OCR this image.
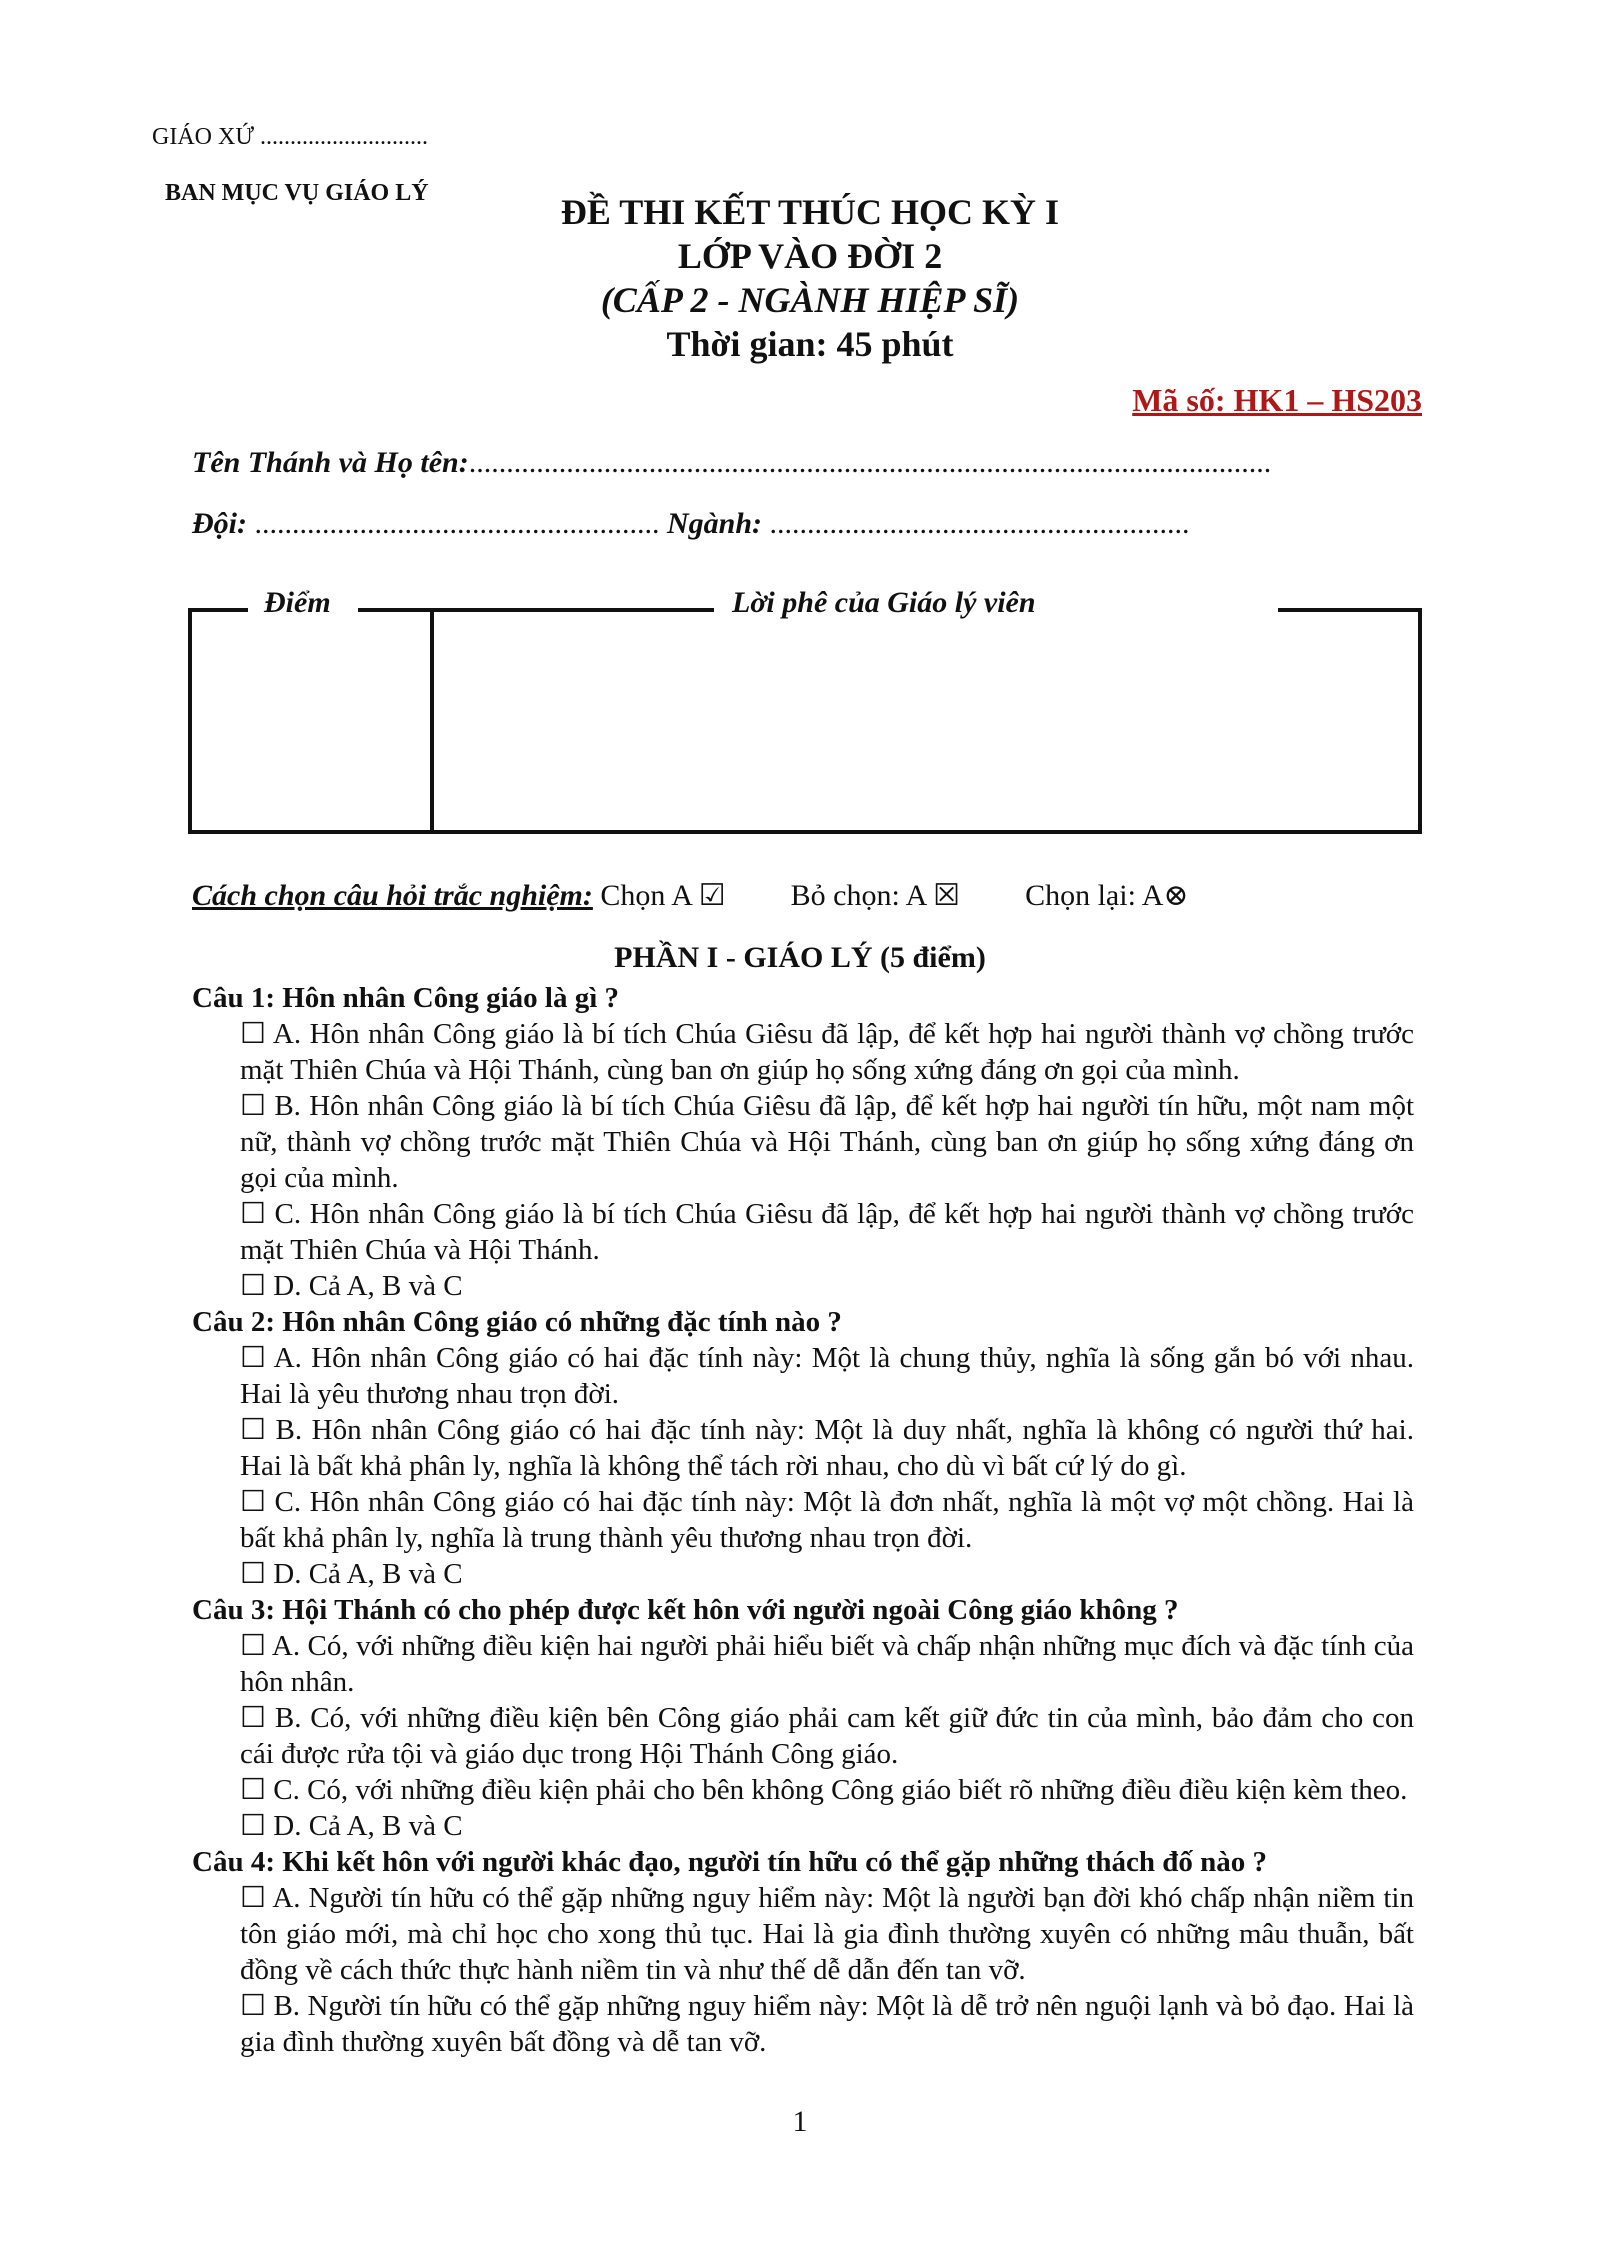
GIÁO XỨ ............................
BAN MỤC VỤ GIÁO LÝ	ĐỀ THI KẾT THÚC HỌC KỲ I
LỚP VÀO ĐỜI 2
(CẤP 2 - NGÀNH HIỆP SĨ)
Thời gian: 45 phút
Mã số: HK1 – HS203
Tên Thánh và Họ tên:...........................................................................................................
Đội: ...................................................... Ngành: ........................................................
Điểm	Lời phê của Giáo lý viên
Cách chọn câu hỏi trắc nghiệm: Chọn A ☑ Bỏ chọn: A ☒ Chọn lại: A⊗
PHẦN I - GIÁO LÝ (5 điểm)
Câu 1: Hôn nhân Công giáo là gì ?
☐ A. Hôn nhân Công giáo là bí tích Chúa Giêsu đã lập, để kết hợp hai người thành vợ chồng trước mặt Thiên Chúa và Hội Thánh, cùng ban ơn giúp họ sống xứng đáng ơn gọi của mình.
☐ B. Hôn nhân Công giáo là bí tích Chúa Giêsu đã lập, để kết hợp hai người tín hữu, một nam một nữ, thành vợ chồng trước mặt Thiên Chúa và Hội Thánh, cùng ban ơn giúp họ sống xứng đáng ơn gọi của mình.
☐ C. Hôn nhân Công giáo là bí tích Chúa Giêsu đã lập, để kết hợp hai người thành vợ chồng trước mặt Thiên Chúa và Hội Thánh.
☐ D. Cả A, B và C
Câu 2: Hôn nhân Công giáo có những đặc tính nào ?
☐ A. Hôn nhân Công giáo có hai đặc tính này: Một là chung thủy, nghĩa là sống gắn bó với nhau. Hai là yêu thương nhau trọn đời.
☐ B. Hôn nhân Công giáo có hai đặc tính này: Một là duy nhất, nghĩa là không có người thứ hai. Hai là bất khả phân ly, nghĩa là không thể tách rời nhau, cho dù vì bất cứ lý do gì.
☐ C. Hôn nhân Công giáo có hai đặc tính này: Một là đơn nhất, nghĩa là một vợ một chồng. Hai là bất khả phân ly, nghĩa là trung thành yêu thương nhau trọn đời.
☐ D. Cả A, B và C
Câu 3: Hội Thánh có cho phép được kết hôn với người ngoài Công giáo không ?
☐ A. Có, với những điều kiện hai người phải hiểu biết và chấp nhận những mục đích và đặc tính của hôn nhân.
☐ B. Có, với những điều kiện bên Công giáo phải cam kết giữ đức tin của mình, bảo đảm cho con cái được rửa tội và giáo dục trong Hội Thánh Công giáo.
☐ C. Có, với những điều kiện phải cho bên không Công giáo biết rõ những điều điều kiện kèm theo.
☐ D. Cả A, B và C
Câu 4: Khi kết hôn với người khác đạo, người tín hữu có thể gặp những thách đố nào ?
☐ A. Người tín hữu có thể gặp những nguy hiểm này: Một là người bạn đời khó chấp nhận niềm tin tôn giáo mới, mà chỉ học cho xong thủ tục. Hai là gia đình thường xuyên có những mâu thuẫn, bất đồng về cách thức thực hành niềm tin và như thế dễ dẫn đến tan vỡ.
☐ B. Người tín hữu có thể gặp những nguy hiểm này: Một là dễ trở nên nguội lạnh và bỏ đạo. Hai là gia đình thường xuyên bất đồng và dễ tan vỡ.
1
